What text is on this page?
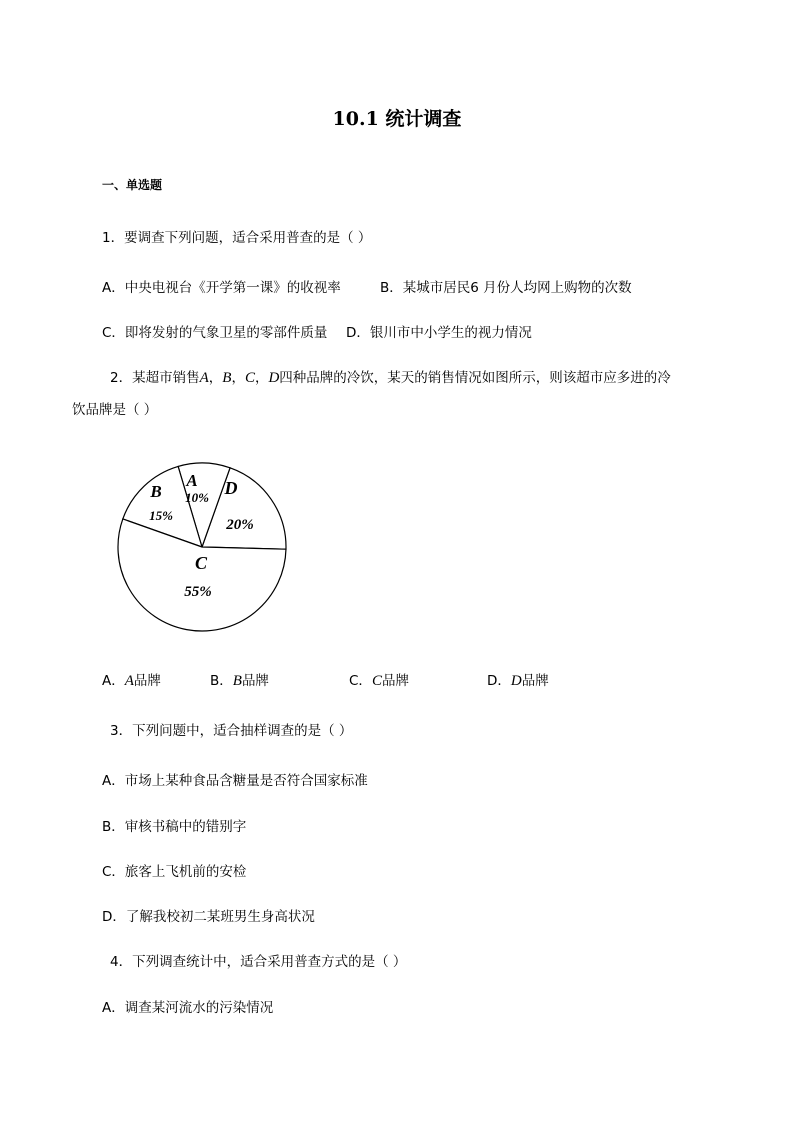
10.1 统计调查
一、单选题
1．要调查下列问题，适合采用普查的是（ ）
A．中央电视台《开学第一课》的收视率	B．某城市居民6 月份人均网上购物的次数
C．即将发射的气象卫星的零部件质量 D．银川市中小学生的视力情况
2．某超市销售A，B，C，D四种品牌的冷饮，某天的销售情况如图所示，则该超市应多进的冷
饮品牌是（ ）
D
20%
A
10%
B
15%
C
55%
A．A品牌	B．B品牌	C．C品牌	D．D品牌
3．下列问题中，适合抽样调查的是（ ）
A．市场上某种食品含糖量是否符合国家标准
B．审核书稿中的错别字
C．旅客上飞机前的安检
D．了解我校初二某班男生身高状况
4．下列调查统计中，适合采用普查方式的是（ ）
A．调查某河流水的污染情况
